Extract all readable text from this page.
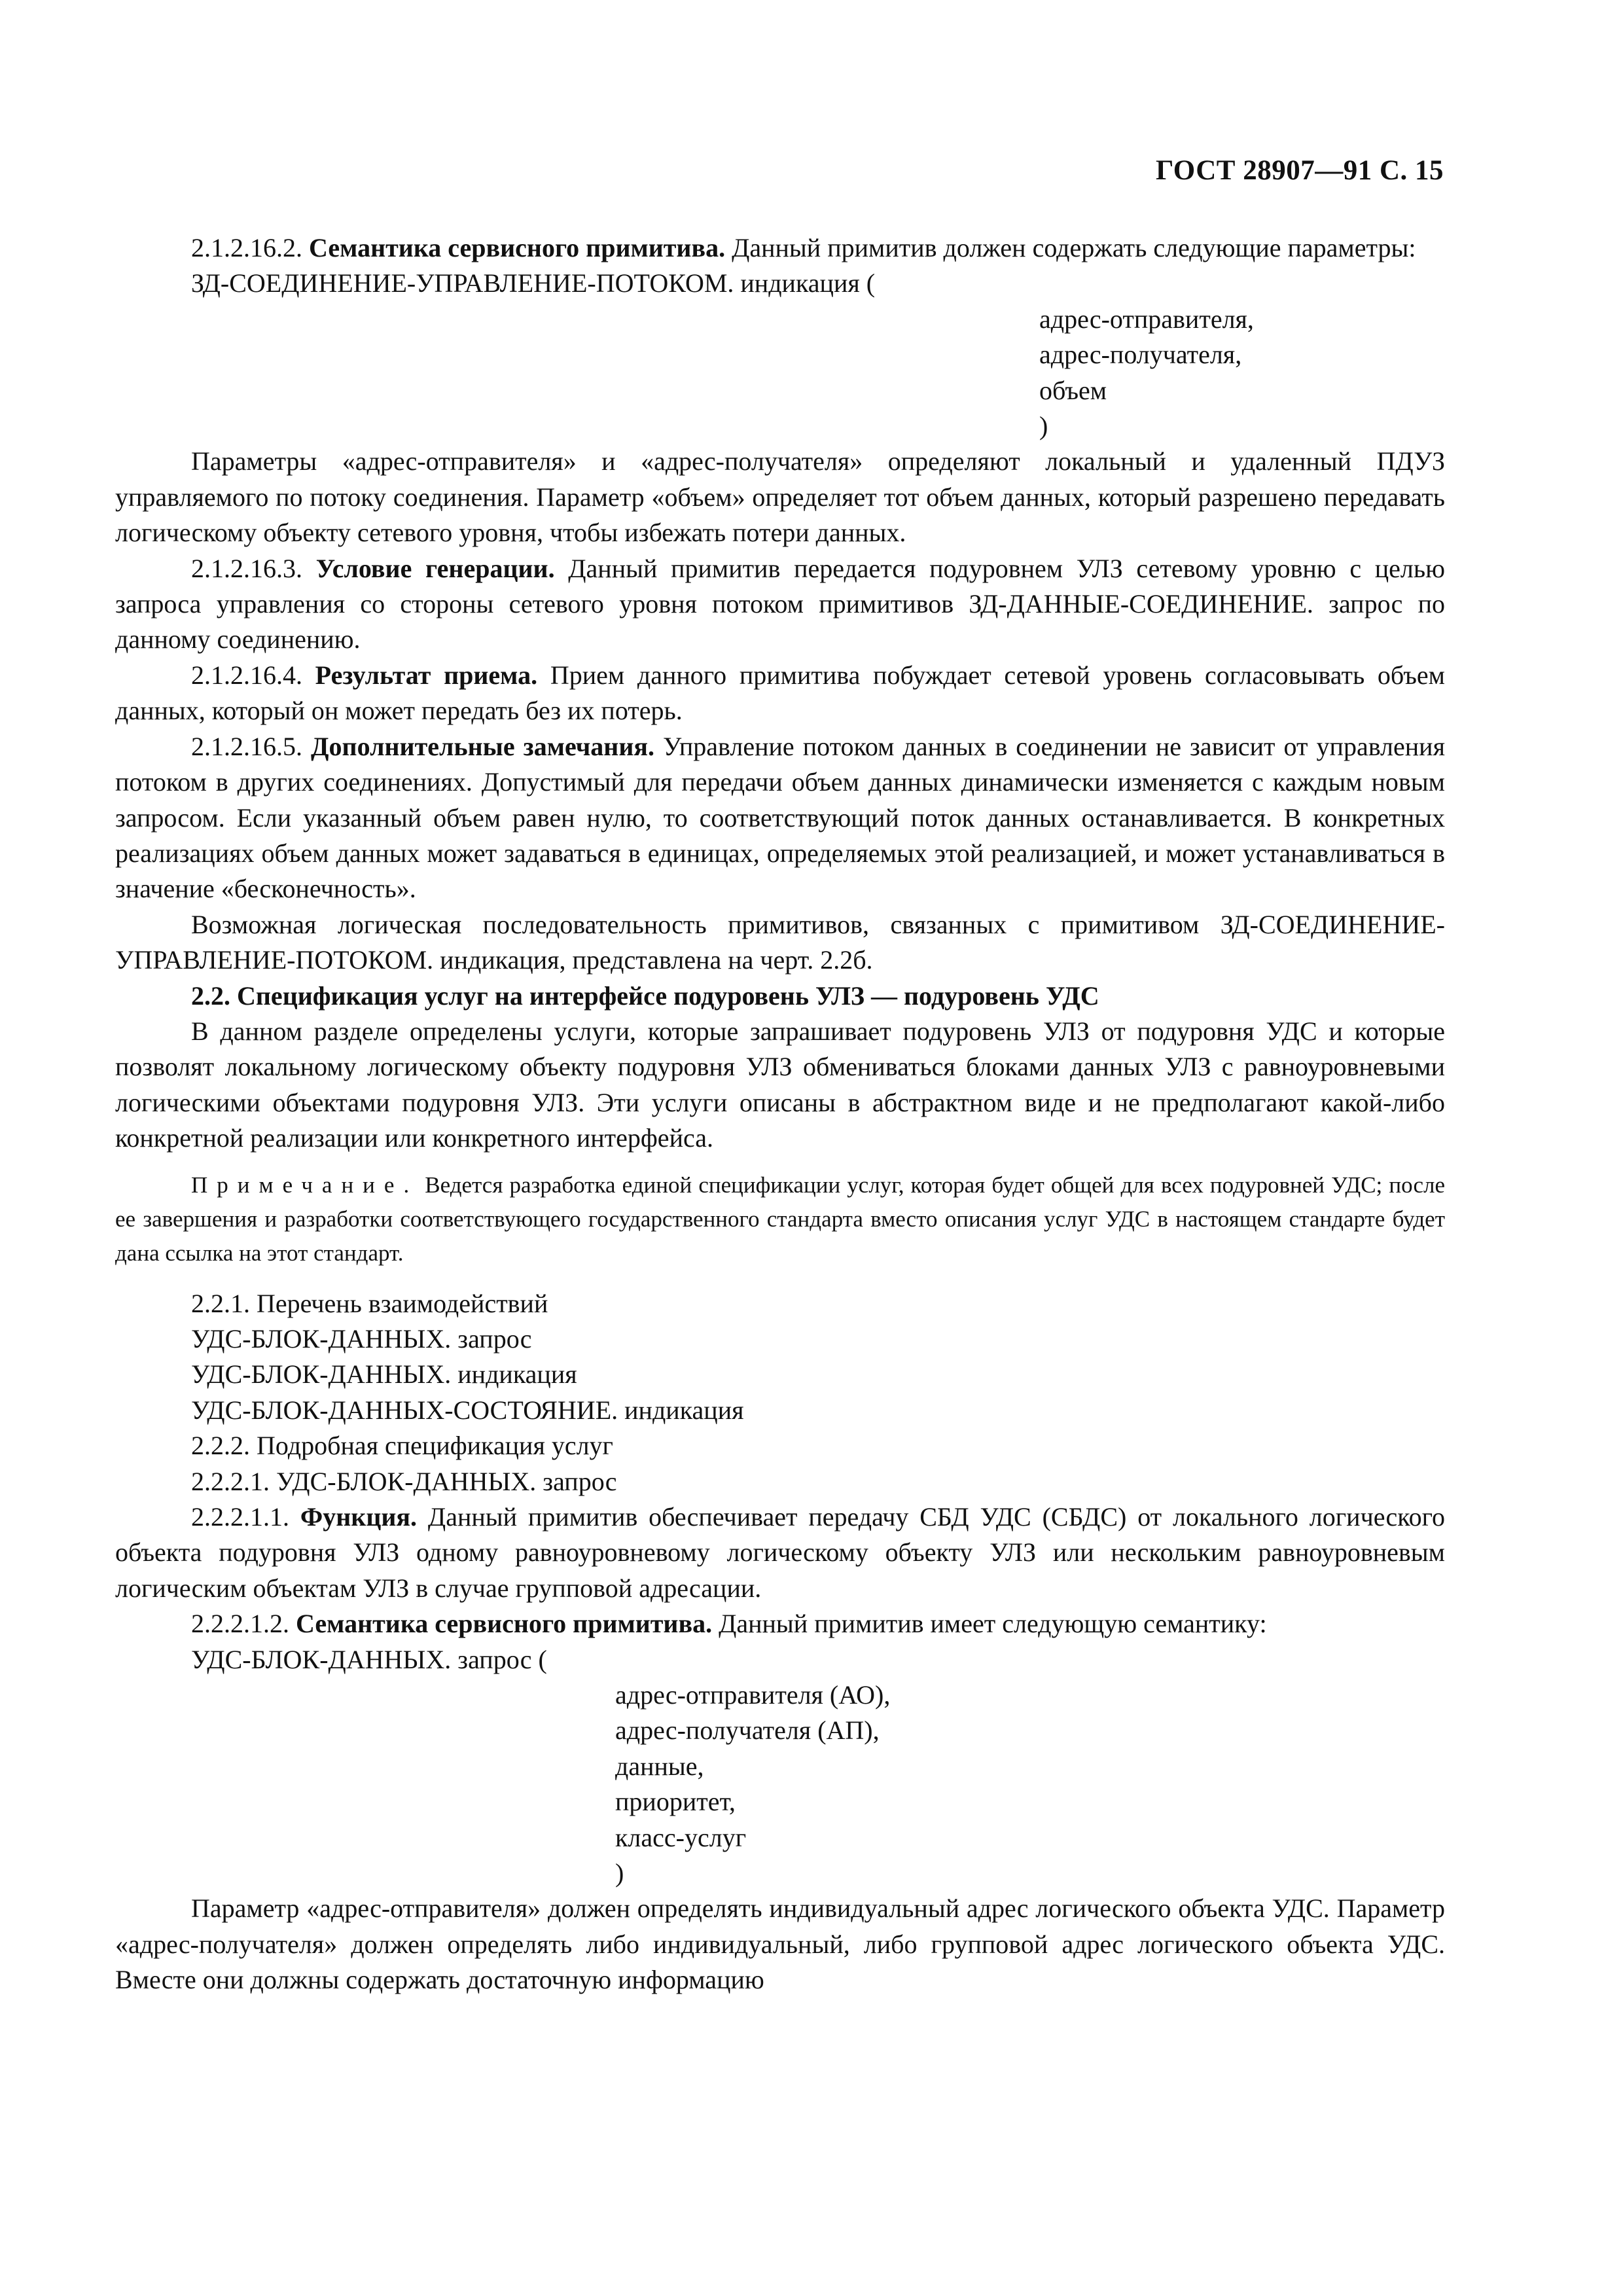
ГОСТ 28907—91 С. 15

2.1.2.16.2. Семантика сервисного примитива. Данный примитив должен содержать следующие параметры:

ЗД-СОЕДИНЕНИЕ-УПРАВЛЕНИЕ-ПОТОКОМ. индикация (

адрес-отправителя,
адрес-получателя,
объем
)

Параметры «адрес-отправителя» и «адрес-получателя» определяют локальный и удаленный ПДУЗ управляемого по потоку соединения. Параметр «объем» определяет тот объем данных, который разрешено передавать логическому объекту сетевого уровня, чтобы избежать потери данных.

2.1.2.16.3. Условие генерации. Данный примитив передается подуровнем УЛЗ сетевому уровню с целью запроса управления со стороны сетевого уровня потоком примитивов ЗД-ДАННЫЕ-СОЕДИНЕНИЕ. запрос по данному соединению.

2.1.2.16.4. Результат приема. Прием данного примитива побуждает сетевой уровень согласовывать объем данных, который он может передать без их потерь.

2.1.2.16.5. Дополнительные замечания. Управление потоком данных в соединении не зависит от управления потоком в других соединениях. Допустимый для передачи объем данных динамически изменяется с каждым новым запросом. Если указанный объем равен нулю, то соответствующий поток данных останавливается. В конкретных реализациях объем данных может задаваться в единицах, определяемых этой реализацией, и может устанавливаться в значение «бесконечность».

Возможная логическая последовательность примитивов, связанных с примитивом ЗД-СОЕДИНЕНИЕ-УПРАВЛЕНИЕ-ПОТОКОМ. индикация, представлена на черт. 2.2б.

2.2. Спецификация услуг на интерфейсе подуровень УЛЗ — подуровень УДС

В данном разделе определены услуги, которые запрашивает подуровень УЛЗ от подуровня УДС и которые позволят локальному логическому объекту подуровня УЛЗ обмениваться блоками данных УЛЗ с равноуровневыми логическими объектами подуровня УЛЗ. Эти услуги описаны в абстрактном виде и не предполагают какой-либо конкретной реализации или конкретного интерфейса.

Примечание. Ведется разработка единой спецификации услуг, которая будет общей для всех подуровней УДС; после ее завершения и разработки соответствующего государственного стандарта вместо описания услуг УДС в настоящем стандарте будет дана ссылка на этот стандарт.

2.2.1. Перечень взаимодействий

УДС-БЛОК-ДАННЫХ. запрос

УДС-БЛОК-ДАННЫХ. индикация

УДС-БЛОК-ДАННЫХ-СОСТОЯНИЕ. индикация

2.2.2. Подробная спецификация услуг

2.2.2.1. УДС-БЛОК-ДАННЫХ. запрос

2.2.2.1.1. Функция. Данный примитив обеспечивает передачу СБД УДС (СБДС) от локального логического объекта подуровня УЛЗ одному равноуровневому логическому объекту УЛЗ или нескольким равноуровневым логическим объектам УЛЗ в случае групповой адресации.

2.2.2.1.2. Семантика сервисного примитива. Данный примитив имеет следующую семантику:

УДС-БЛОК-ДАННЫХ. запрос (

адрес-отправителя (АО),
адрес-получателя (АП),
данные,
приоритет,
класс-услуг
)

Параметр «адрес-отправителя» должен определять индивидуальный адрес логического объекта УДС. Параметр «адрес-получателя» должен определять либо индивидуальный, либо групповой адрес логического объекта УДС. Вместе они должны содержать достаточную информацию
